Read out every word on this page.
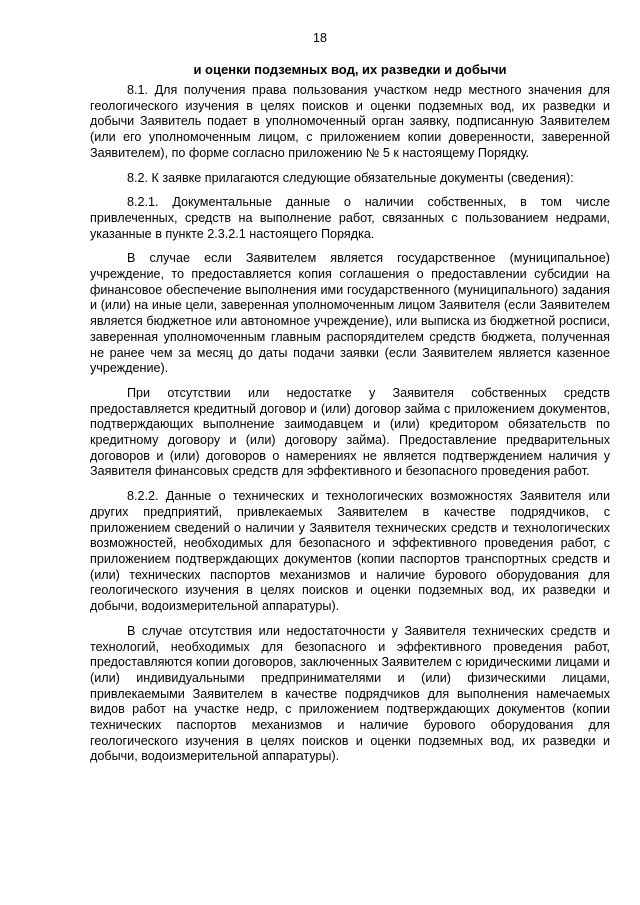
18
и оценки подземных вод, их разведки и добычи

8.1. Для получения права пользования участком недр местного значения для геологического изучения в целях поисков и оценки подземных вод, их разведки и добычи Заявитель подает в уполномоченный орган заявку, подписанную Заявителем (или его уполномоченным лицом, с приложением копии доверенности, заверенной Заявителем), по форме согласно приложению № 5 к настоящему Порядку.

8.2. К заявке прилагаются следующие обязательные документы (сведения):

8.2.1. Документальные данные о наличии собственных, в том числе привлеченных, средств на выполнение работ, связанных с пользованием недрами, указанные в пункте 2.3.2.1 настоящего Порядка.

В случае если Заявителем является государственное (муниципальное) учреждение, то предоставляется копия соглашения о предоставлении субсидии на финансовое обеспечение выполнения ими государственного (муниципального) задания и (или) на иные цели, заверенная уполномоченным лицом Заявителя (если Заявителем является бюджетное или автономное учреждение), или выписка из бюджетной росписи, заверенная уполномоченным главным распорядителем средств бюджета, полученная не ранее чем за месяц до даты подачи заявки (если Заявителем является казенное учреждение).

При отсутствии или недостатке у Заявителя собственных средств предоставляется кредитный договор и (или) договор займа с приложением документов, подтверждающих выполнение заимодавцем и (или) кредитором обязательств по кредитному договору и (или) договору займа). Предоставление предварительных договоров и (или) договоров о намерениях не является подтверждением наличия у Заявителя финансовых средств для эффективного и безопасного проведения работ.

8.2.2. Данные о технических и технологических возможностях Заявителя или других предприятий, привлекаемых Заявителем в качестве подрядчиков, с приложением сведений о наличии у Заявителя технических средств и технологических возможностей, необходимых для безопасного и эффективного проведения работ, с приложением подтверждающих документов (копии паспортов транспортных средств и (или) технических паспортов механизмов и наличие бурового оборудования для геологического изучения в целях поисков и оценки подземных вод, их разведки и добычи, водоизмерительной аппаратуры).

В случае отсутствия или недостаточности у Заявителя технических средств и технологий, необходимых для безопасного и эффективного проведения работ, предоставляются копии договоров, заключенных Заявителем с юридическими лицами и (или) индивидуальными предпринимателями и (или) физическими лицами, привлекаемыми Заявителем в качестве подрядчиков для выполнения намечаемых видов работ на участке недр, с приложением подтверждающих документов (копии технических паспортов механизмов и наличие бурового оборудования для геологического изучения в целях поисков и оценки подземных вод, их разведки и добычи, водоизмерительной аппаратуры).
